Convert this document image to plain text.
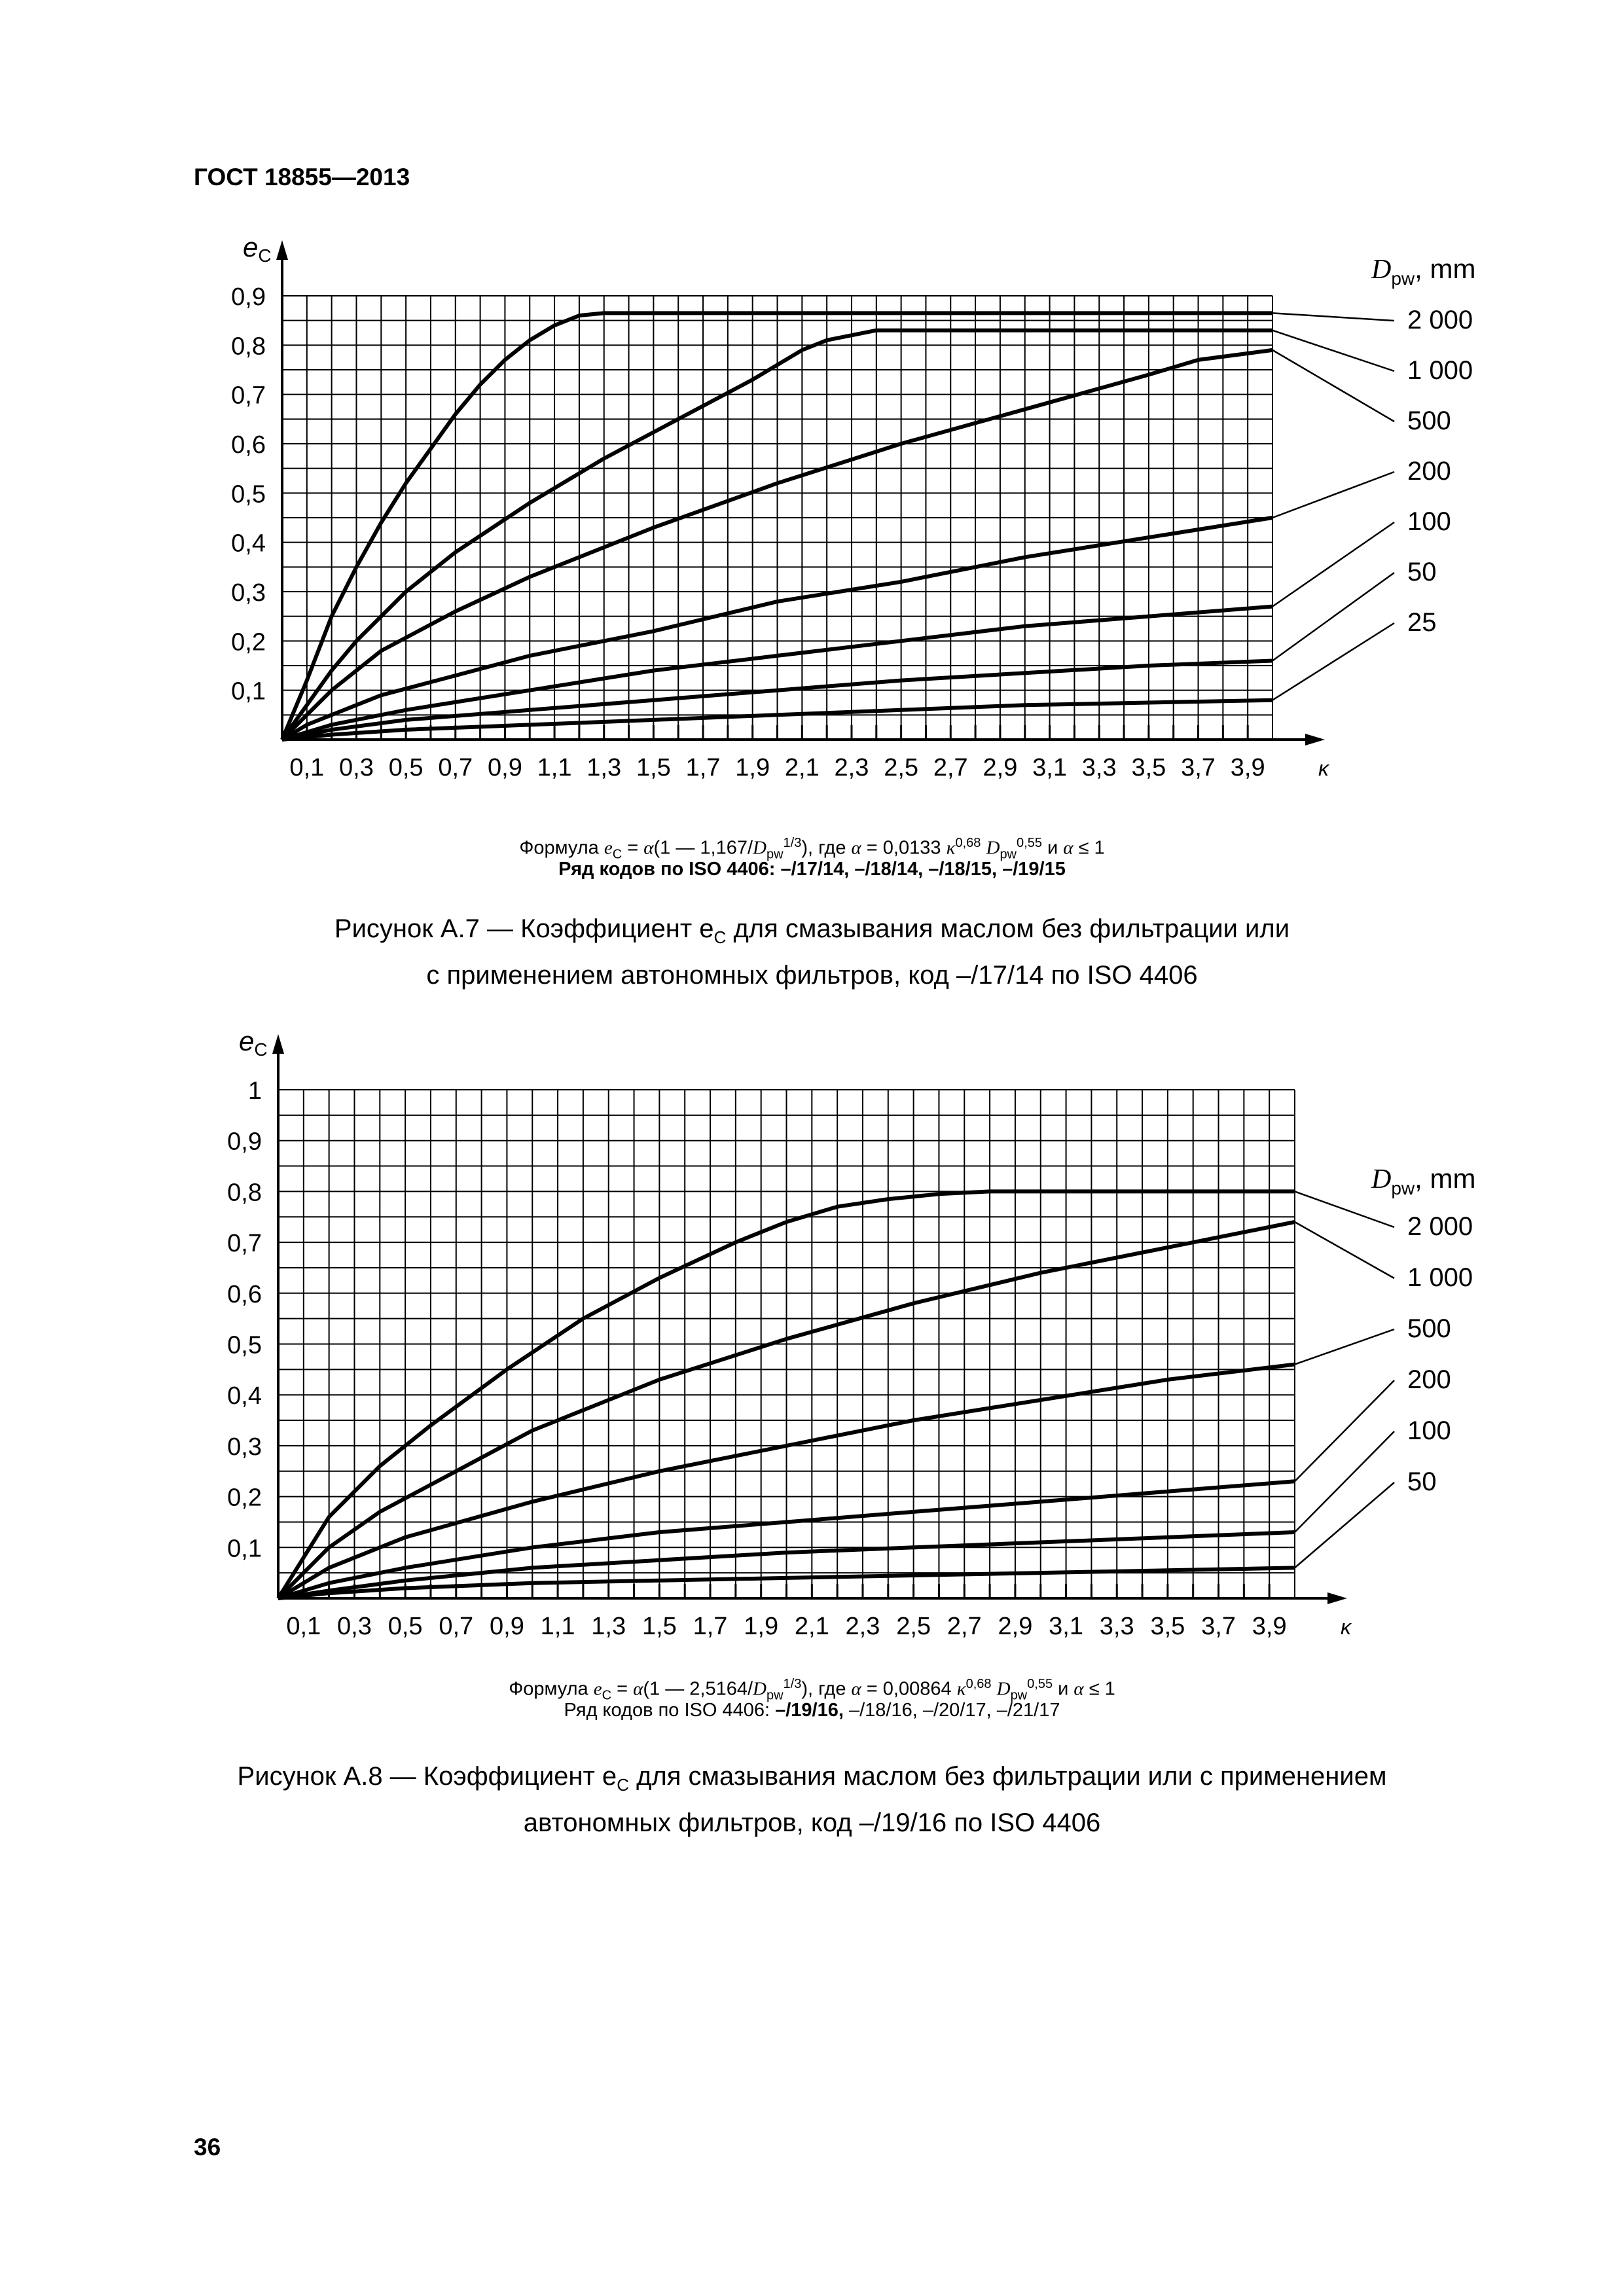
ГОСТ 18855—2013
eC
κ
0,1
0,2
0,3
0,4
0,5
0,6
0,7
0,8
0,9
0,1 0,3 0,5 0,7 0,9 1,1 1,3 1,5 1,7 1,9 2,1 2,3 2,5 2,7 2,9 3,1 3,3 3,5 3,7 3,9
$D_{pw}$, mm
2 000
1 000
500
200
100
50
25
Формула $e_C = \alpha(1$ — $1,167/D_{pw}^{1/3}$), где α = 0,0133 $\kappa^{0,68}$ $D_{pw}^{0,55}$ и α ≤ 1
Ряд кодов по ISO 4406: –/17/14, –/18/14, –/18/15, –/19/15
Рисунок А.7 — Коэффициент $e_C$ для смазывания маслом без фильтрации или
с применением автономных фильтров, код –/17/14 по ISO 4406
eC
κ
0,1
0,2
0,3
0,4
0,5
0,6
0,7
0,8
0,9
1
0,1 0,3 0,5 0,7 0,9 1,1 1,3 1,5 1,7 1,9 2,1 2,3 2,5 2,7 2,9 3,1 3,3 3,5 3,7 3,9
$D_{pw}$, mm
2 000
1 000
500
200
100
50
Формула $e_C = \alpha(1$ — $2,5164/D_{pw}^{1/3}$), где α = 0,00864 $\kappa^{0,68}$ $D_{pw}^{0,55}$ и α ≤ 1
Ряд кодов по ISO 4406: –/19/16, –/18/16, –/20/17, –/21/17
Рисунок А.8 — Коэффициент $e_C$ для смазывания маслом без фильтрации или с применением
автономных фильтров, код –/19/16 по ISO 4406
36
